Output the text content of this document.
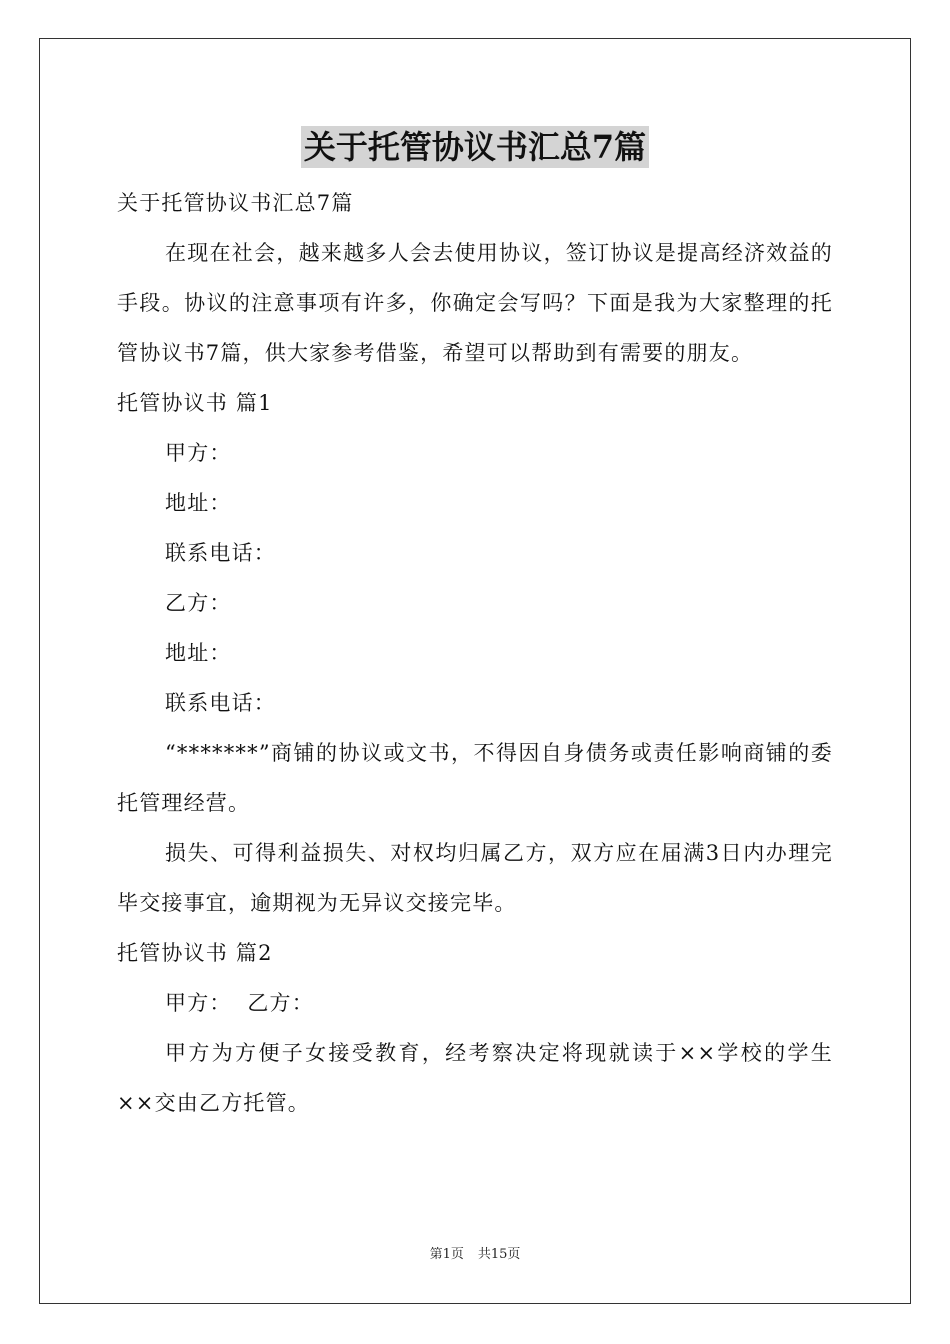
关于托管协议书汇总7篇

关于托管协议书汇总7篇

在现在社会，越来越多人会去使用协议，签订协议是提高经济效益的手段。协议的注意事项有许多，你确定会写吗？下面是我为大家整理的托管协议书7篇，供大家参考借鉴，希望可以帮助到有需要的朋友。

托管协议书 篇1

甲方：

地址：

联系电话：

乙方：

地址：

联系电话：

“*******”商铺的协议或文书，不得因自身债务或责任影响商铺的委托管理经营。

损失、可得利益损失、对权均归属乙方，双方应在届满3日内办理完毕交接事宜，逾期视为无异议交接完毕。

托管协议书 篇2

甲方：  乙方：

甲方为方便子女接受教育，经考察决定将现就读于××学校的学生××交由乙方托管。

第1页 共15页
